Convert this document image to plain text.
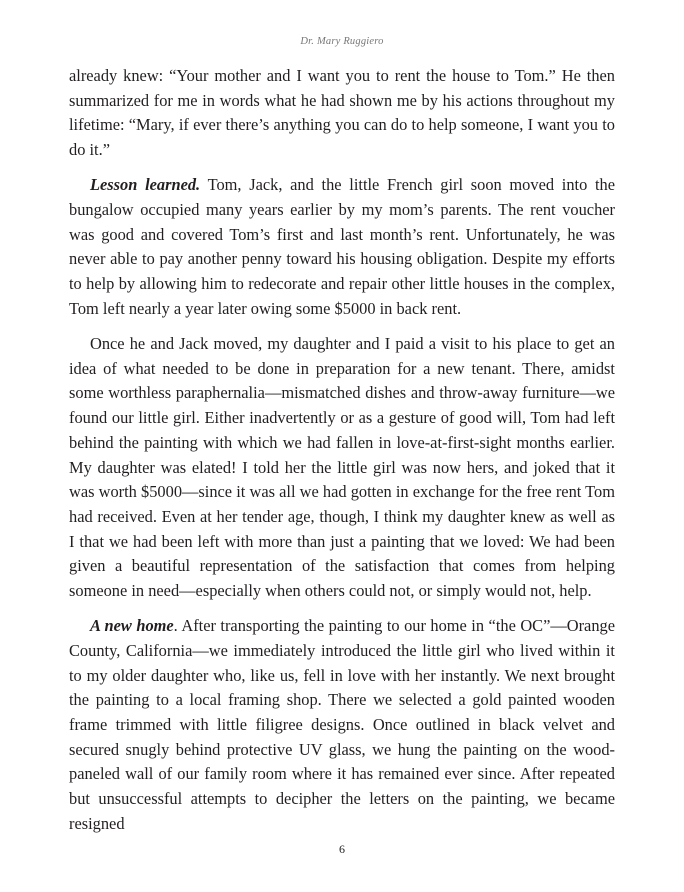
Dr. Mary Ruggiero

already knew: “Your mother and I want you to rent the house to Tom.” He then summarized for me in words what he had shown me by his actions throughout my lifetime: “Mary, if ever there’s anything you can do to help someone, I want you to do it.”

Lesson learned. Tom, Jack, and the little French girl soon moved into the bungalow occupied many years earlier by my mom’s parents. The rent voucher was good and covered Tom’s first and last month’s rent. Unfortunately, he was never able to pay another penny toward his housing obligation. Despite my efforts to help by allowing him to redecorate and repair other little houses in the complex, Tom left nearly a year later owing some $5000 in back rent.

Once he and Jack moved, my daughter and I paid a visit to his place to get an idea of what needed to be done in preparation for a new tenant. There, amidst some worthless paraphernalia—mismatched dishes and throw-away furniture—we found our little girl. Either inadvertently or as a gesture of good will, Tom had left behind the painting with which we had fallen in love-at-first-sight months earlier. My daughter was elated! I told her the little girl was now hers, and joked that it was worth $5000—since it was all we had gotten in exchange for the free rent Tom had received. Even at her tender age, though, I think my daughter knew as well as I that we had been left with more than just a painting that we loved: We had been given a beautiful representation of the satisfaction that comes from helping someone in need—especially when others could not, or simply would not, help.

A new home. After transporting the painting to our home in “the OC”—Orange County, California—we immediately introduced the little girl who lived within it to my older daughter who, like us, fell in love with her instantly. We next brought the painting to a local framing shop. There we selected a gold painted wooden frame trimmed with little filigree designs. Once outlined in black velvet and secured snugly behind protective UV glass, we hung the painting on the wood-paneled wall of our family room where it has remained ever since. After repeated but unsuccessful attempts to decipher the letters on the painting, we became resigned

6
